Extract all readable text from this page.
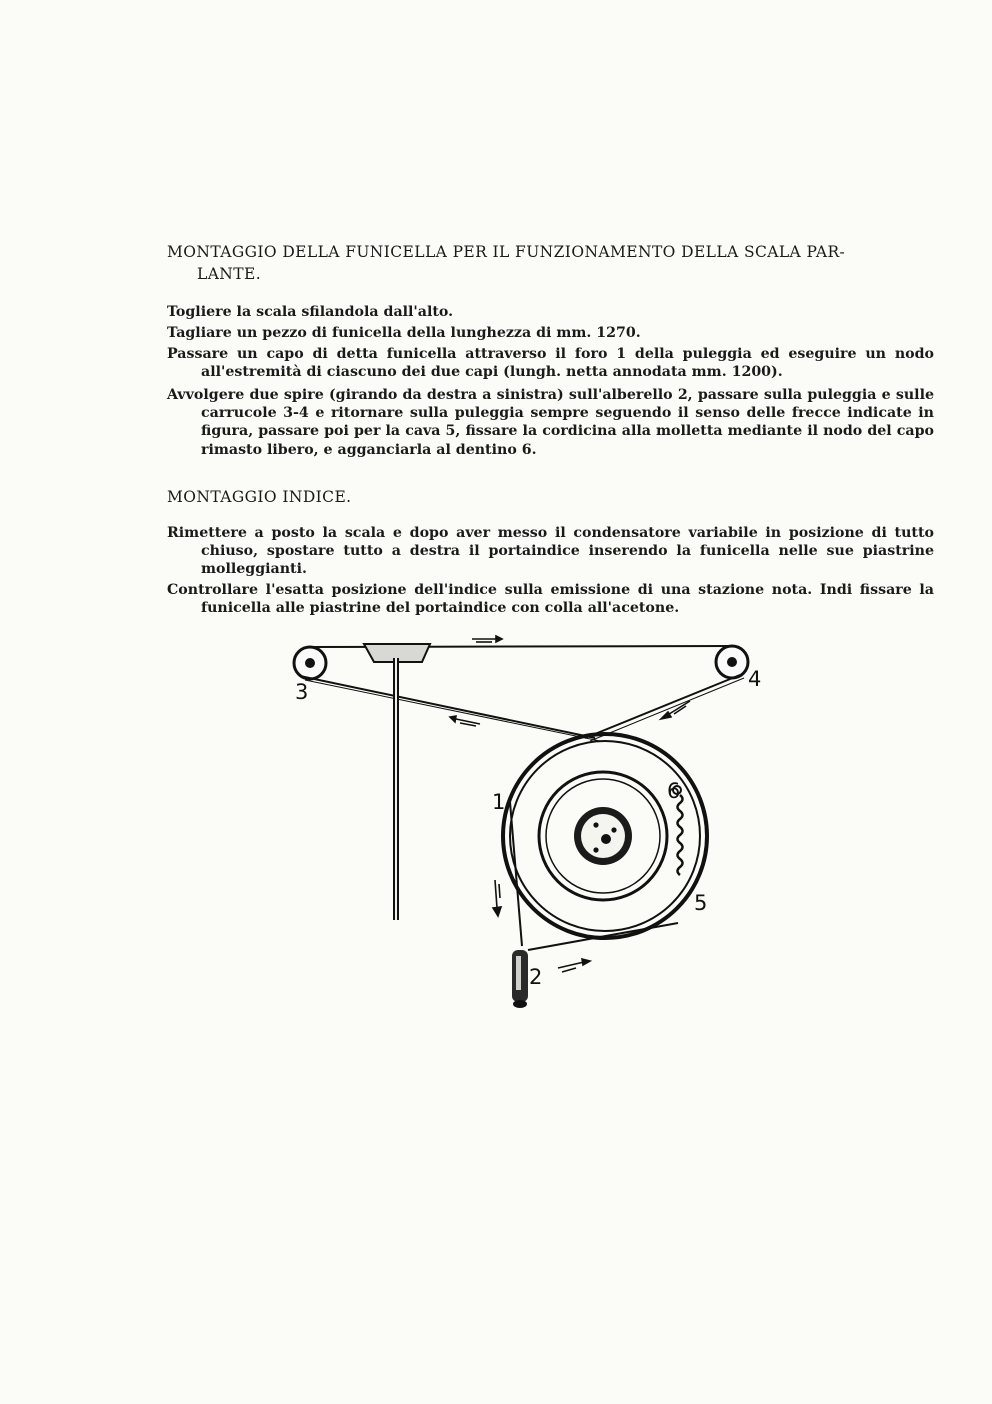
MONTAGGIO DELLA FUNICELLA PER IL FUNZIONAMENTO DELLA SCALA PAR-
LANTE.

Togliere la scala sfilandola dall'alto.

Tagliare un pezzo di funicella della lunghezza di mm. 1270.

Passare un capo di detta funicella attraverso il foro 1 della puleggia ed eseguire un nodo all'estremità di ciascuno dei due capi (lungh. netta annodata mm. 1200).

Avvolgere due spire (girando da destra a sinistra) sull'alberello 2, passare sulla puleggia e sulle carrucole 3-4 e ritornare sulla puleggia sempre seguendo il senso delle frecce indicate in figura, passare poi per la cava 5, fissare la cordicina alla molletta mediante il nodo del capo rimasto libero, e agganciarla al dentino 6.

MONTAGGIO INDICE.

Rimettere a posto la scala e dopo aver messo il condensatore variabile in posizione di tutto chiuso, spostare tutto a destra il portaindice inserendo la funicella nelle sue piastrine molleggianti.

Controllare l'esatta posizione dell'indice sulla emissione di una stazione nota. Indi fissare la funicella alle piastrine del portaindice con colla all'acetone.

3
4
1	6
5
2
